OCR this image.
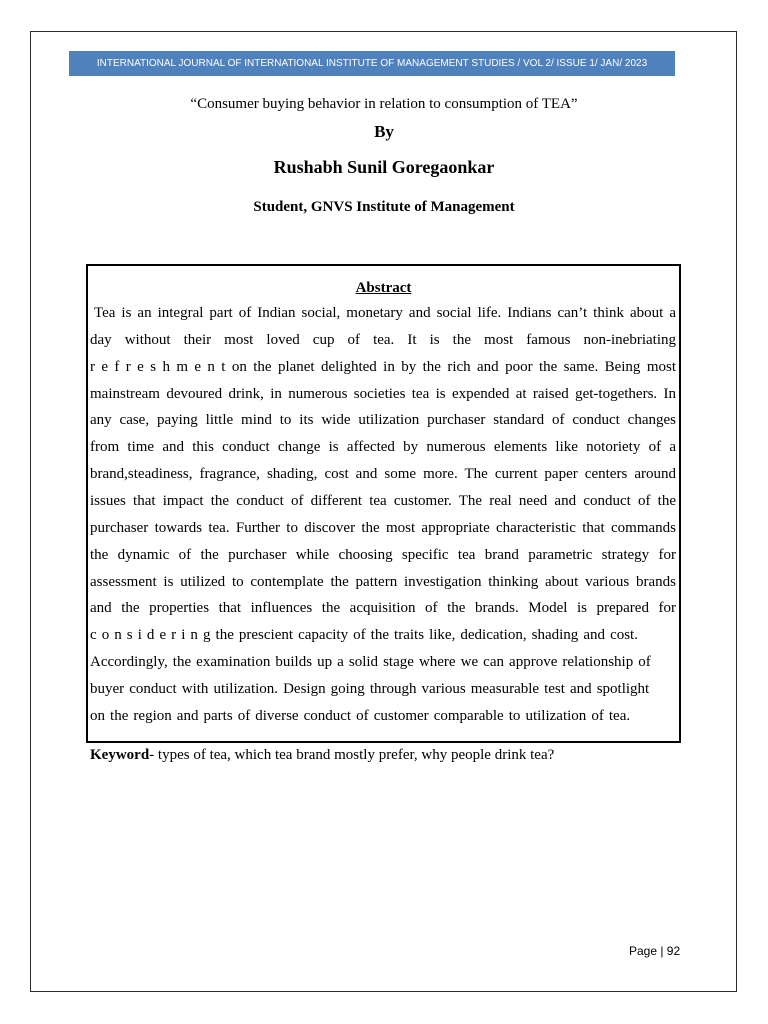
INTERNATIONAL JOURNAL OF INTERNATIONAL INSTITUTE OF MANAGEMENT STUDIES / VOL 2/ ISSUE 1/ JAN/ 2023
“Consumer buying behavior in relation to consumption of TEA”
By
Rushabh Sunil Goregaonkar
Student, GNVS Institute of Management
Abstract
Tea is an integral part of Indian social, monetary and social life. Indians can’t think about a
day without their most loved cup of tea. It is the most famous non-inebriating
r e f r e s h m e n t on the planet delighted in by the rich and poor the same. Being most
mainstream devoured drink, in numerous societies tea is expended at raised get-togethers. In
any case, paying little mind to its wide utilization purchaser standard of conduct changes
from time and this conduct change is affected by numerous elements like notoriety of a
brand,steadiness, fragrance, shading, cost and some more. The current paper centers around
issues that impact the conduct of different tea customer. The real need and conduct of the
purchaser towards tea. Further to discover the most appropriate characteristic that commands
the dynamic of the purchaser while choosing specific tea brand parametric strategy for
assessment is utilized to contemplate the pattern investigation thinking about various brands
and the properties that influences the acquisition of the brands. Model is prepared for
c o n s i d e r i n g the prescient capacity of the traits like, dedication, shading and cost.
Accordingly, the examination builds up a solid stage where we can approve relationship of
buyer conduct with utilization. Design going through various measurable test and spotlight
on the region and parts of diverse conduct of customer comparable to utilization of tea.
Keyword- types of tea, which tea brand mostly prefer, why people drink tea?
Page | 92
